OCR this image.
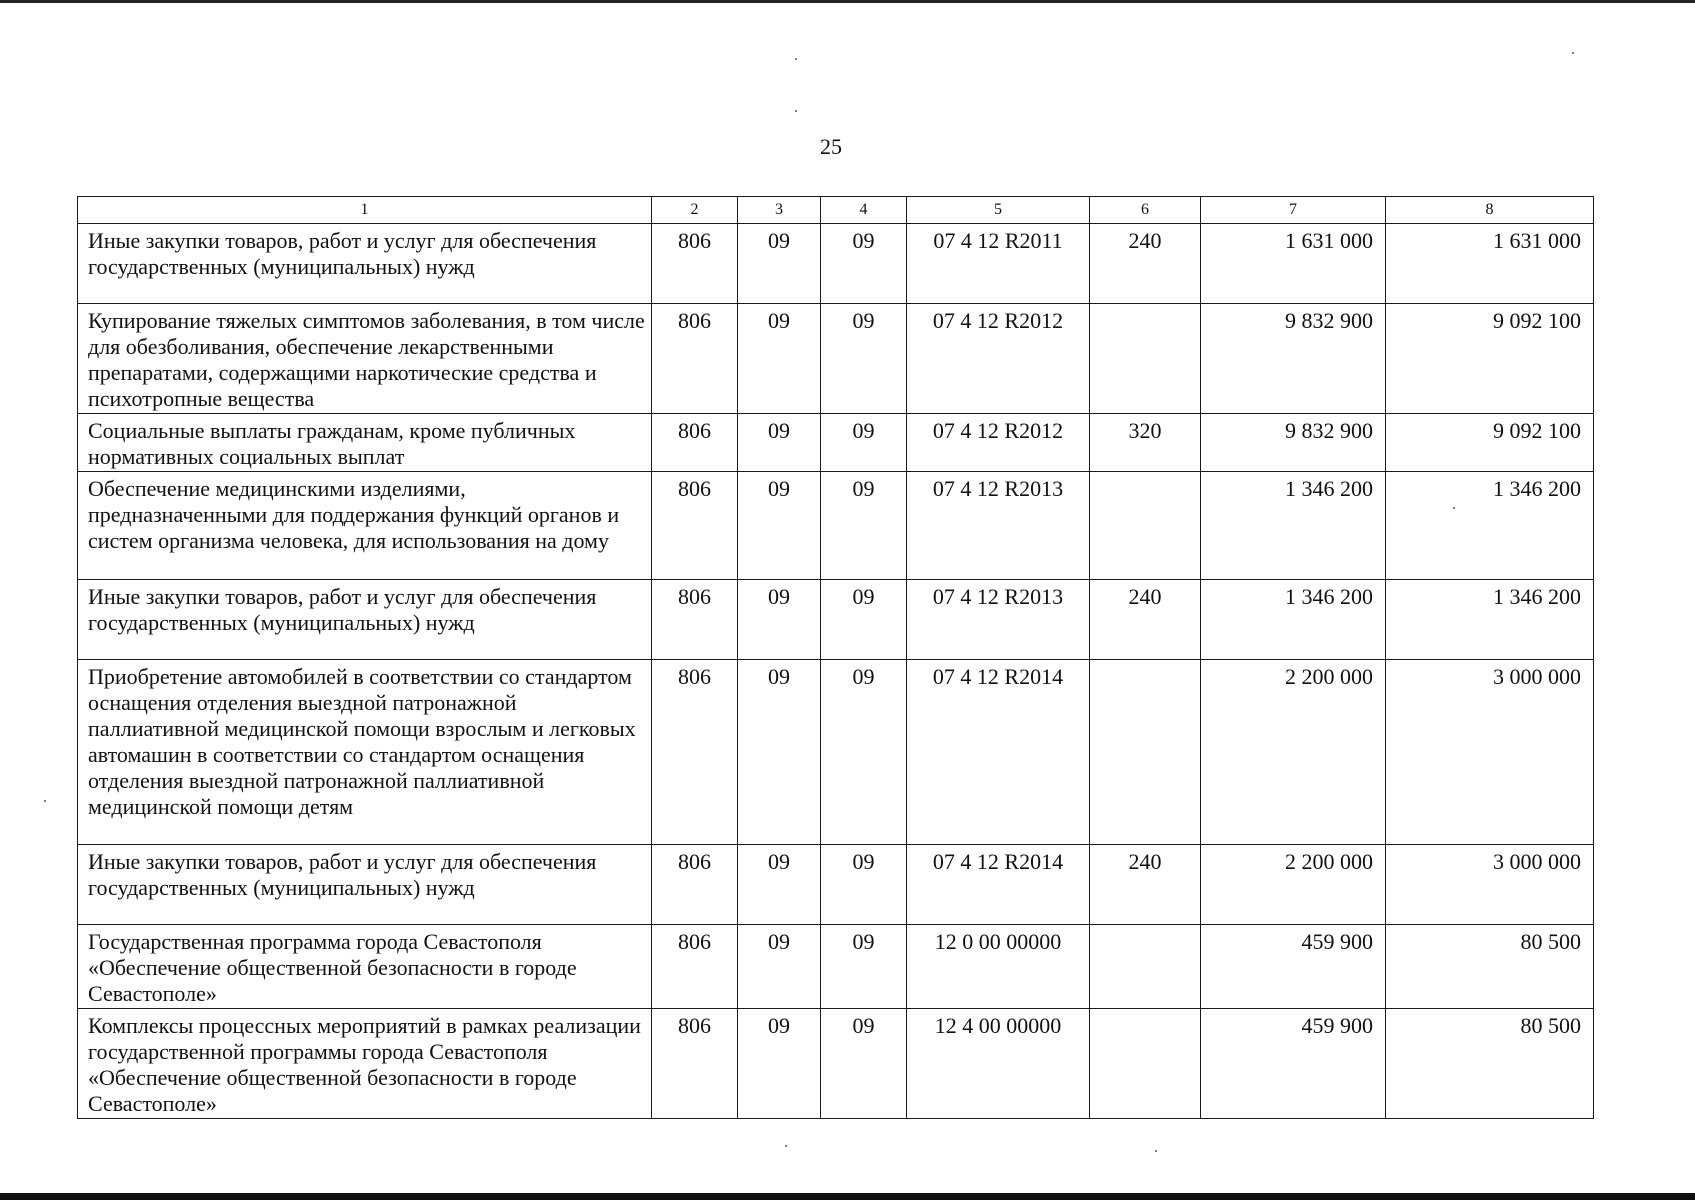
25
1	2	3	4	5	6	7	8
Иные закупки товаров, работ и услуг для обеспечения государственных (муниципальных) нужд	806	09	09	07 4 12 R2011	240	1 631 000	1 631 000
Купирование тяжелых симптомов заболевания, в том числе для обезболивания, обеспечение лекарственными препаратами, содержащими наркотические средства и психотропные вещества	806	09	09	07 4 12 R2012		9 832 900	9 092 100
Социальные выплаты гражданам, кроме публичных нормативных социальных выплат	806	09	09	07 4 12 R2012	320	9 832 900	9 092 100
Обеспечение медицинскими изделиями, предназначенными для поддержания функций органов и систем организма человека, для использования на дому	806	09	09	07 4 12 R2013		1 346 200	1 346 200
Иные закупки товаров, работ и услуг для обеспечения государственных (муниципальных) нужд	806	09	09	07 4 12 R2013	240	1 346 200	1 346 200
Приобретение автомобилей в соответствии со стандартом оснащения отделения выездной патронажной паллиативной медицинской помощи взрослым и легковых автомашин в соответствии со стандартом оснащения отделения выездной патронажной паллиативной медицинской помощи детям	806	09	09	07 4 12 R2014		2 200 000	3 000 000
Иные закупки товаров, работ и услуг для обеспечения государственных (муниципальных) нужд	806	09	09	07 4 12 R2014	240	2 200 000	3 000 000
Государственная программа города Севастополя «Обеспечение общественной безопасности в городе Севастополе»	806	09	09	12 0 00 00000		459 900	80 500
Комплексы процессных мероприятий в рамках реализации государственной программы города Севастополя «Обеспечение общественной безопасности в городе Севастополе»	806	09	09	12 4 00 00000		459 900	80 500
